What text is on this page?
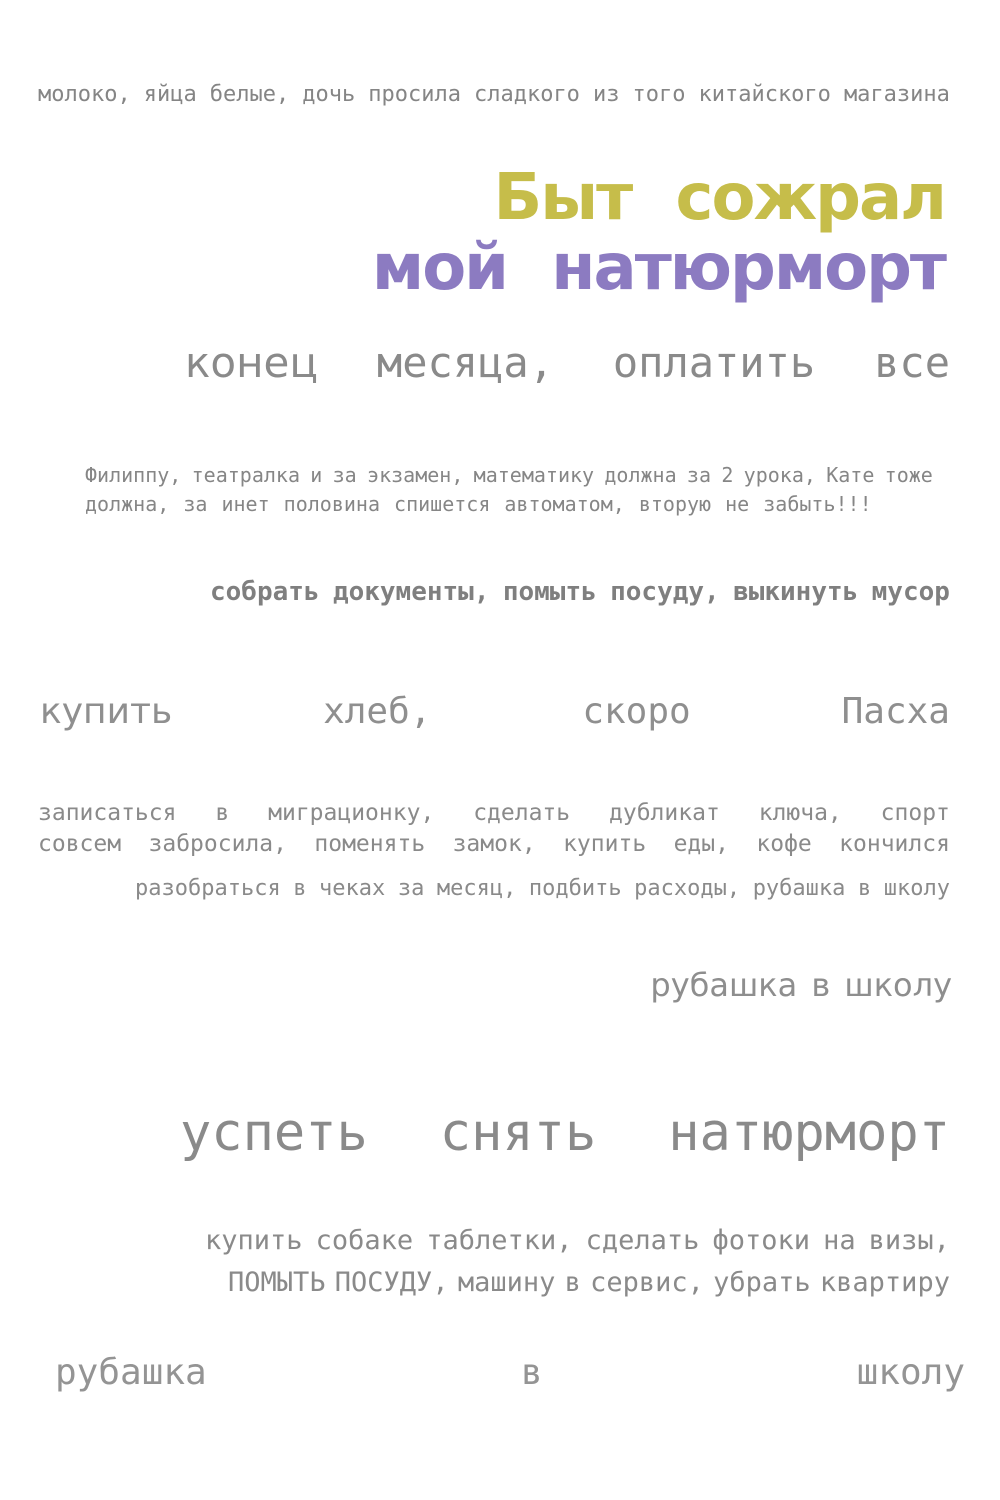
молоко, яйца белые, дочь просила сладкого из того китайского магазина
Быт сожрал
мой натюрморт
конец месяца, оплатить все
Филиппу, театралка и за экзамен, математику должна за 2 урока, Кате тоже
должна, за инет половина спишется автоматом, вторую не забыть!!!
собрать документы, помыть посуду, выкинуть мусор
купить	хлеб,	скоро	Пасха
записаться в миграционку, сделать дубликат ключа, спорт
совсем забросила, поменять замок, купить еды, кофе кончился
разобраться в чеках за месяц, подбить расходы, рубашка в школу
рубашка в школу
успеть снять натюрморт
купить собаке таблетки, сделать фотоки на визы,
ПОМЫТЬ ПОСУДУ, машину в сервис, убрать квартиру
рубашка	в	школу
